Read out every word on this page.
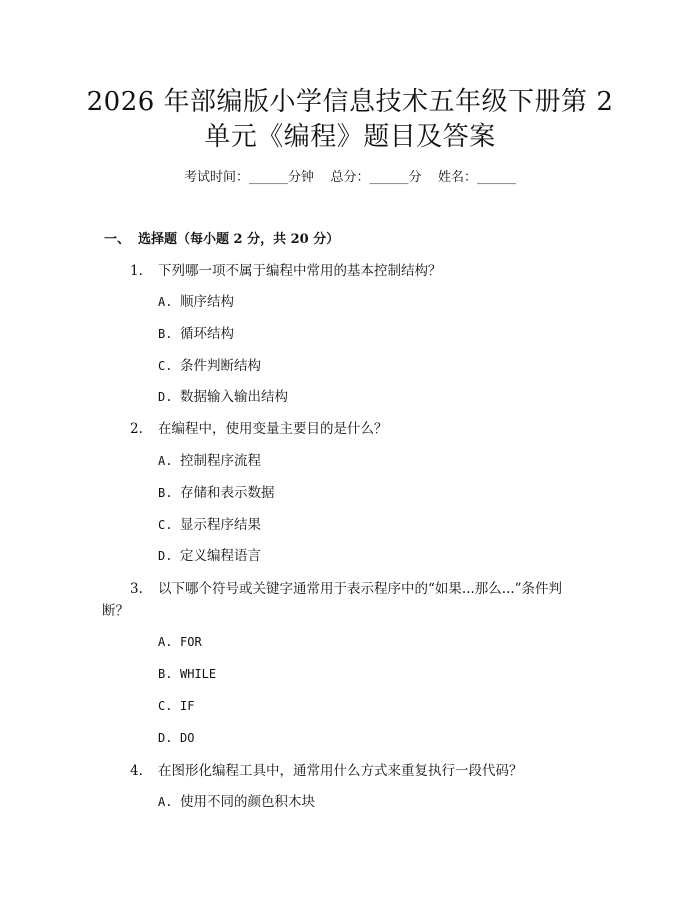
2026 年部编版小学信息技术五年级下册第 2
单元《编程》题目及答案
考试时间：______分钟    总分：______分    姓名：______
一、 选择题（每小题 2 分，共 20 分）
1. 下列哪一项不属于编程中常用的基本控制结构？
A. 顺序结构
B. 循环结构
C. 条件判断结构
D. 数据输入输出结构
2. 在编程中，使用变量主要目的是什么？
A. 控制程序流程
B. 存储和表示数据
C. 显示程序结果
D. 定义编程语言
3. 以下哪个符号或关键字通常用于表示程序中的“如果...那么...”条件判
断？
A. FOR
B. WHILE
C. IF
D. DO
4. 在图形化编程工具中，通常用什么方式来重复执行一段代码？
A. 使用不同的颜色积木块
